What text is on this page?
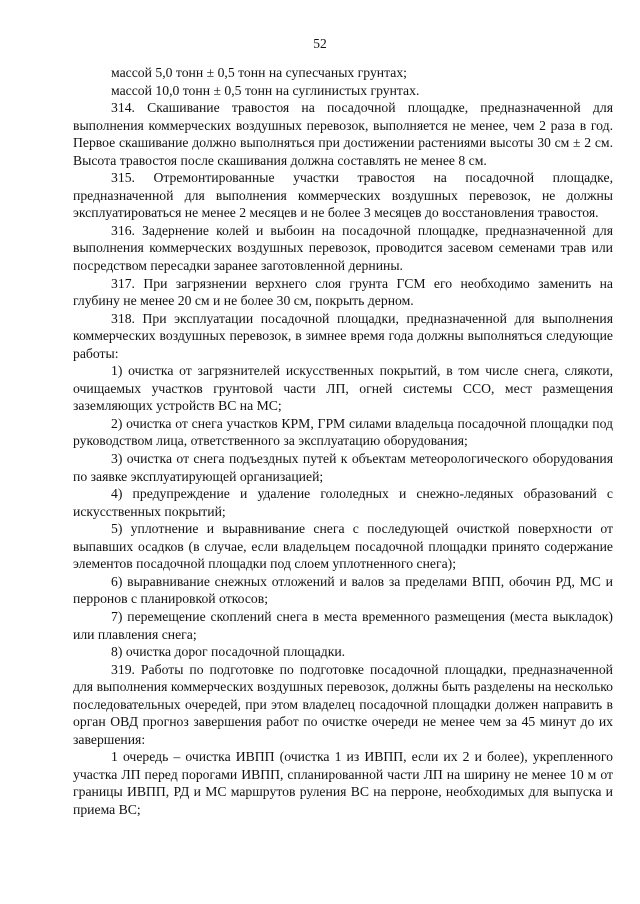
52

массой 5,0 тонн ± 0,5 тонн на супесчаных грунтах;

массой 10,0 тонн ± 0,5 тонн на суглинистых грунтах.

314. Скашивание травостоя на посадочной площадке, предназначенной для выполнения коммерческих воздушных перевозок, выполняется не менее, чем 2 раза в год. Первое скашивание должно выполняться при достижении растениями высоты 30 см ± 2 см. Высота травостоя после скашивания должна составлять не менее 8 см.

315. Отремонтированные участки травостоя на посадочной площадке, предназначенной для выполнения коммерческих воздушных перевозок, не должны эксплуатироваться не менее 2 месяцев и не более 3 месяцев до восстановления травостоя.

316. Задернение колей и выбоин на посадочной площадке, предназначенной для выполнения коммерческих воздушных перевозок, проводится засевом семенами трав или посредством пересадки заранее заготовленной дернины.

317. При загрязнении верхнего слоя грунта ГСМ его необходимо заменить на глубину не менее 20 см и не более 30 см, покрыть дерном.

318. При эксплуатации посадочной площадки, предназначенной для выполнения коммерческих воздушных перевозок, в зимнее время года должны выполняться следующие работы:

1) очистка от загрязнителей искусственных покрытий, в том числе снега, слякоти, очищаемых участков грунтовой части ЛП, огней системы ССО, мест размещения заземляющих устройств ВС на МС;

2) очистка от снега участков КРМ, ГРМ силами владельца посадочной площадки под руководством лица, ответственного за эксплуатацию оборудования;

3) очистка от снега подъездных путей к объектам метеорологического оборудования по заявке эксплуатирующей организацией;

4) предупреждение и удаление гололедных и снежно-ледяных образований с искусственных покрытий;

5) уплотнение и выравнивание снега с последующей очисткой поверхности от выпавших осадков (в случае, если владельцем посадочной площадки принято содержание элементов посадочной площадки под слоем уплотненного снега);

6) выравнивание снежных отложений и валов за пределами ВПП, обочин РД, МС и перронов с планировкой откосов;

7) перемещение скоплений снега в места временного размещения (места выкладок) или плавления снега;

8) очистка дорог посадочной площадки.

319. Работы по подготовке по подготовке посадочной площадки, предназначенной для выполнения коммерческих воздушных перевозок, должны быть разделены на несколько последовательных очередей, при этом владелец посадочной площадки должен направить в орган ОВД прогноз завершения работ по очистке очереди не менее чем за 45 минут до их завершения:

1 очередь – очистка ИВПП (очистка 1 из ИВПП, если их 2 и более), укрепленного участка ЛП перед порогами ИВПП, спланированной части ЛП на ширину не менее 10 м от границы ИВПП, РД и МС маршрутов руления ВС на перроне, необходимых для выпуска и приема ВС;
